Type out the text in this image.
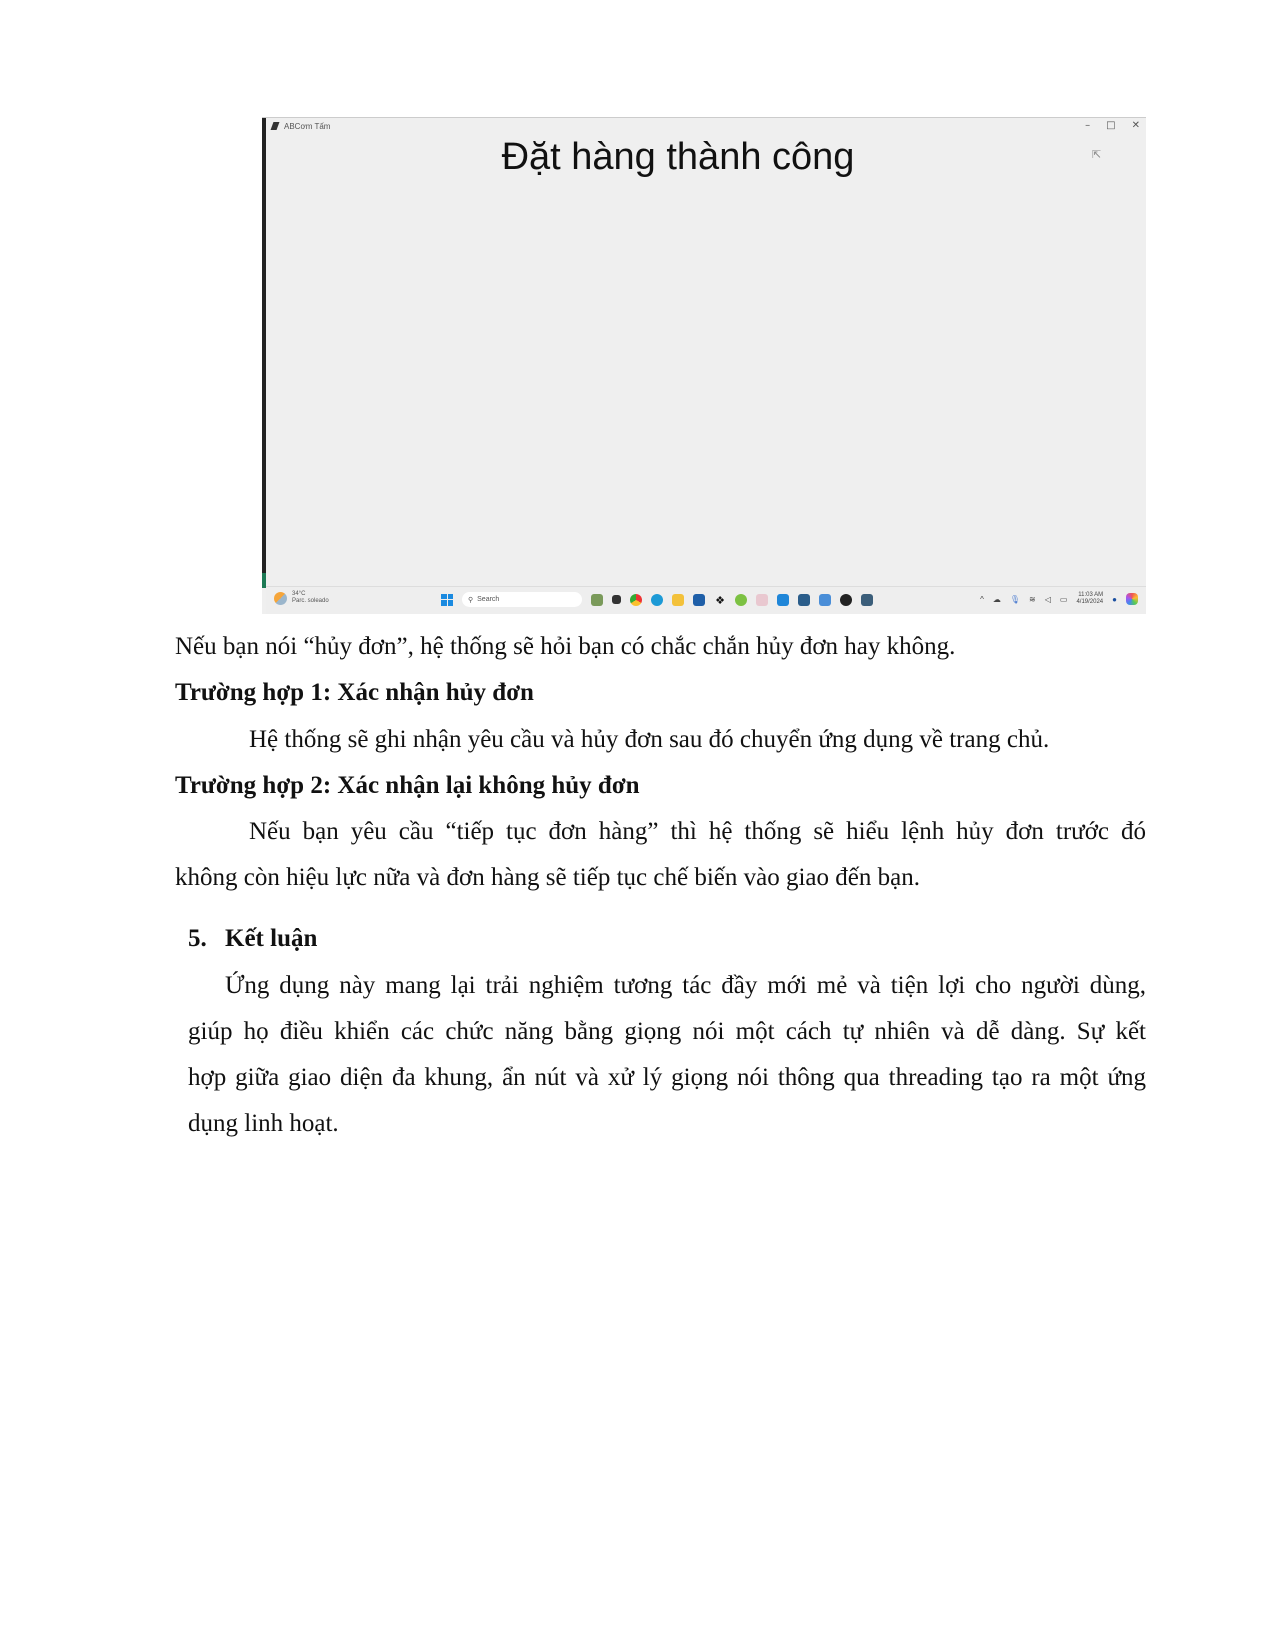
ABCơm Tấm	– □ ✕
Đặt hàng thành công	⇱
34°C
Parc. soleado	⚲ Search	❖	^ ☁ 🎙 ≋ ◁ ▭ 11:03 AM
4/19/2024 ●
Nếu bạn nói “hủy đơn”, hệ thống sẽ hỏi bạn có chắc chắn hủy đơn hay không.
Trường hợp 1: Xác nhận hủy đơn
Hệ thống sẽ ghi nhận yêu cầu và hủy đơn sau đó chuyển ứng dụng về trang chủ.
Trường hợp 2: Xác nhận lại không hủy đơn
Nếu bạn yêu cầu “tiếp tục đơn hàng” thì hệ thống sẽ hiểu lệnh hủy đơn trước đó
không còn hiệu lực nữa và đơn hàng sẽ tiếp tục chế biến vào giao đến bạn.
5. Kết luận
Ứng dụng này mang lại trải nghiệm tương tác đầy mới mẻ và tiện lợi cho người dùng,
giúp họ điều khiển các chức năng bằng giọng nói một cách tự nhiên và dễ dàng. Sự kết
hợp giữa giao diện đa khung, ẩn nút và xử lý giọng nói thông qua threading tạo ra một ứng
dụng linh hoạt.
